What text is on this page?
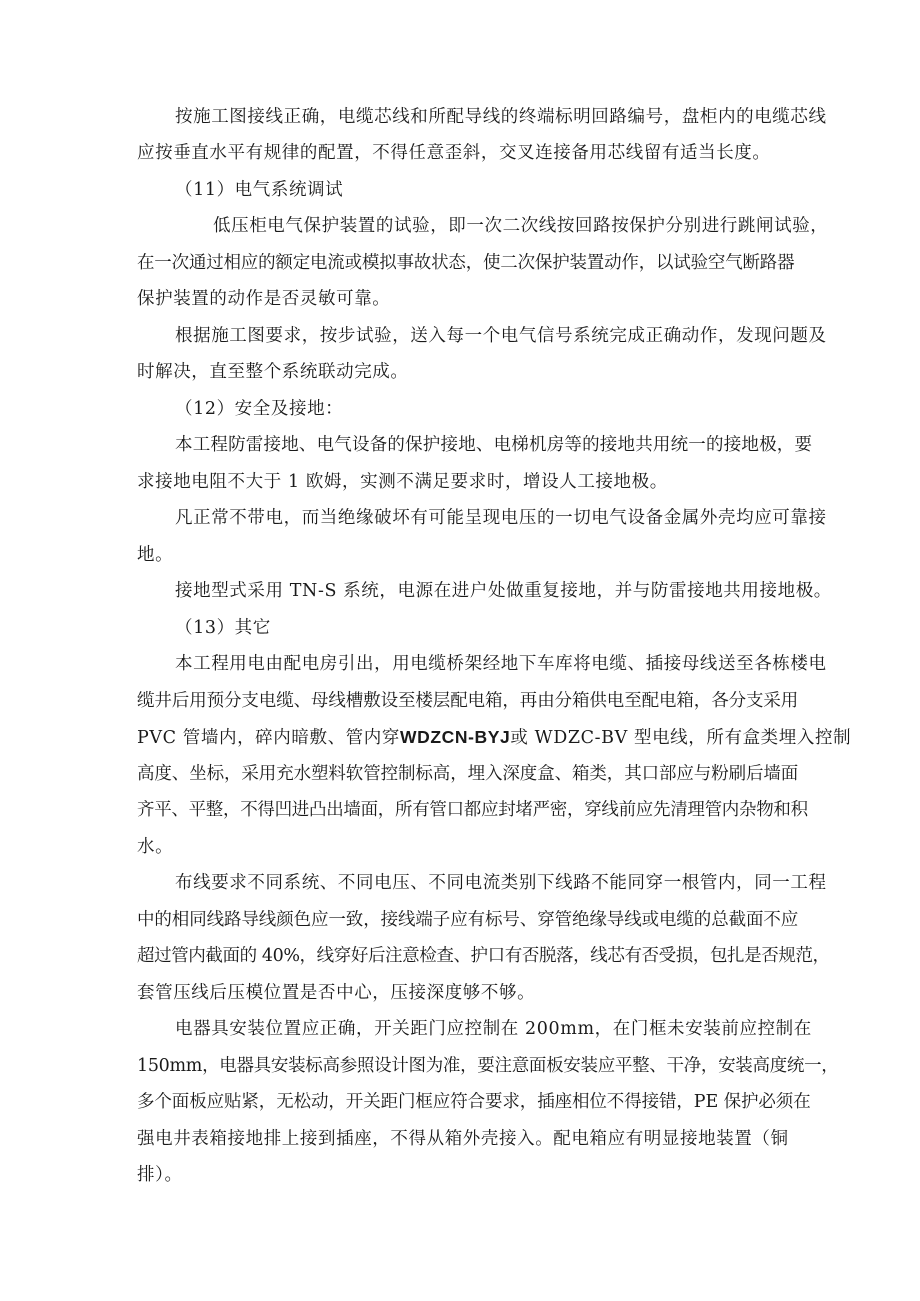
按施工图接线正确，电缆芯线和所配导线的终端标明回路编号，盘柜内的电缆芯线

应按垂直水平有规律的配置，不得任意歪斜，交叉连接备用芯线留有适当长度。

（11）电气系统调试

低压柜电气保护装置的试验，即一次二次线按回路按保护分别进行跳闸试验，

在一次通过相应的额定电流或模拟事故状态，使二次保护装置动作，以试验空气断路器

保护装置的动作是否灵敏可靠。

根据施工图要求，按步试验，送入每一个电气信号系统完成正确动作，发现问题及

时解决，直至整个系统联动完成。

（12）安全及接地：

本工程防雷接地、电气设备的保护接地、电梯机房等的接地共用统一的接地极，要

求接地电阻不大于 1 欧姆，实测不满足要求时，增设人工接地极。

凡正常不带电，而当绝缘破坏有可能呈现电压的一切电气设备金属外壳均应可靠接

地。

接地型式采用 TN-S 系统，电源在进户处做重复接地，并与防雷接地共用接地极。

（13）其它

本工程用电由配电房引出，用电缆桥架经地下车库将电缆、插接母线送至各栋楼电

缆井后用预分支电缆、母线槽敷设至楼层配电箱，再由分箱供电至配电箱，各分支采用

PVC 管墙内，碎内暗敷、管内穿WDZCN-BYJ或 WDZC-BV 型电线，所有盒类埋入控制

高度、坐标，采用充水塑料软管控制标高，埋入深度盒、箱类，其口部应与粉刷后墙面

齐平、平整，不得凹进凸出墙面，所有管口都应封堵严密，穿线前应先清理管内杂物和积

水。

布线要求不同系统、不同电压、不同电流类别下线路不能同穿一根管内，同一工程

中的相同线路导线颜色应一致，接线端子应有标号、穿管绝缘导线或电缆的总截面不应

超过管内截面的 40%，线穿好后注意检查、护口有否脱落，线芯有否受损，包扎是否规范，

套管压线后压模位置是否中心，压接深度够不够。

电器具安装位置应正确，开关距门应控制在 200mm，在门框未安装前应控制在

150mm，电器具安装标高参照设计图为准，要注意面板安装应平整、干净，安装高度统一，

多个面板应贴紧，无松动，开关距门框应符合要求，插座相位不得接错，PE 保护必须在

强电井表箱接地排上接到插座，不得从箱外壳接入。配电箱应有明显接地装置（铜

排）。
